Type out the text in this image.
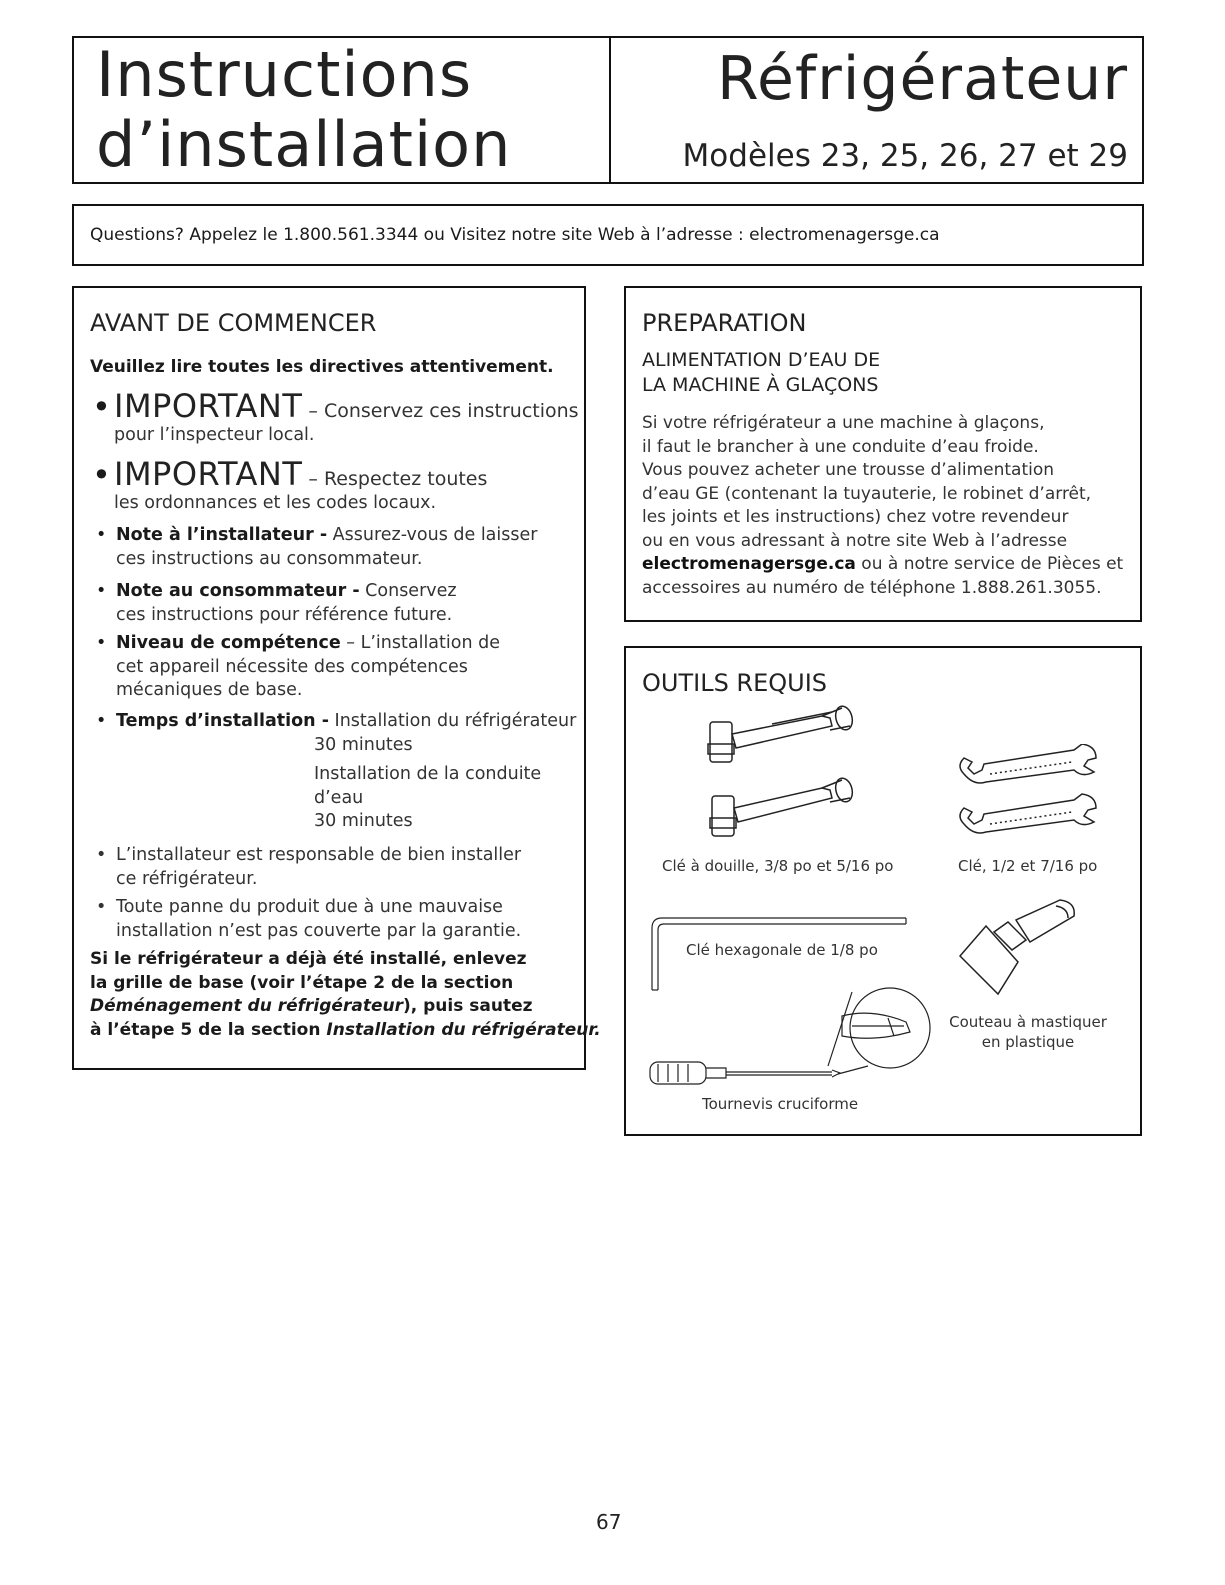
Instructions
d’installation
Réfrigérateur
Modèles 23, 25, 26, 27 et 29
Questions? Appelez le 1.800.561.3344 ou Visitez notre site Web à l’adresse : electromenagersge.ca
AVANT DE COMMENCER
Veuillez lire toutes les directives attentivement.
• IMPORTANT – Conservez ces instructions
pour l’inspecteur local.
• IMPORTANT – Respectez toutes
les ordonnances et les codes locaux.
• Note à l’installateur - Assurez-vous de laisser
ces instructions au consommateur.
• Note au consommateur - Conservez
ces instructions pour référence future.
• Niveau de compétence – L’installation de
cet appareil nécessite des compétences
mécaniques de base.
• Temps d’installation - Installation du réfrigérateur
30 minutes
Installation de la conduite
d’eau
30 minutes
• L’installateur est responsable de bien installer
ce réfrigérateur.
• Toute panne du produit due à une mauvaise
installation n’est pas couverte par la garantie.
Si le réfrigérateur a déjà été installé, enlevez
la grille de base (voir l’étape 2 de la section
Déménagement du réfrigérateur), puis sautez
à l’étape 5 de la section Installation du réfrigérateur.
PREPARATION
ALIMENTATION D’EAU DE
LA MACHINE À GLAÇONS
Si votre réfrigérateur a une machine à glaçons,
il faut le brancher à une conduite d’eau froide.
Vous pouvez acheter une trousse d’alimentation
d’eau GE (contenant la tuyauterie, le robinet d’arrêt,
les joints et les instructions) chez votre revendeur
ou en vous adressant à notre site Web à l’adresse
electromenagersge.ca ou à notre service de Pièces et
accessoires au numéro de téléphone 1.888.261.3055.
OUTILS REQUIS
Clé à douille, 3/8 po et 5/16 po	Clé, 1/2 et 7/16 po
Clé hexagonale de 1/8 po
Couteau à mastiquer
en plastique
Tournevis cruciforme
67
